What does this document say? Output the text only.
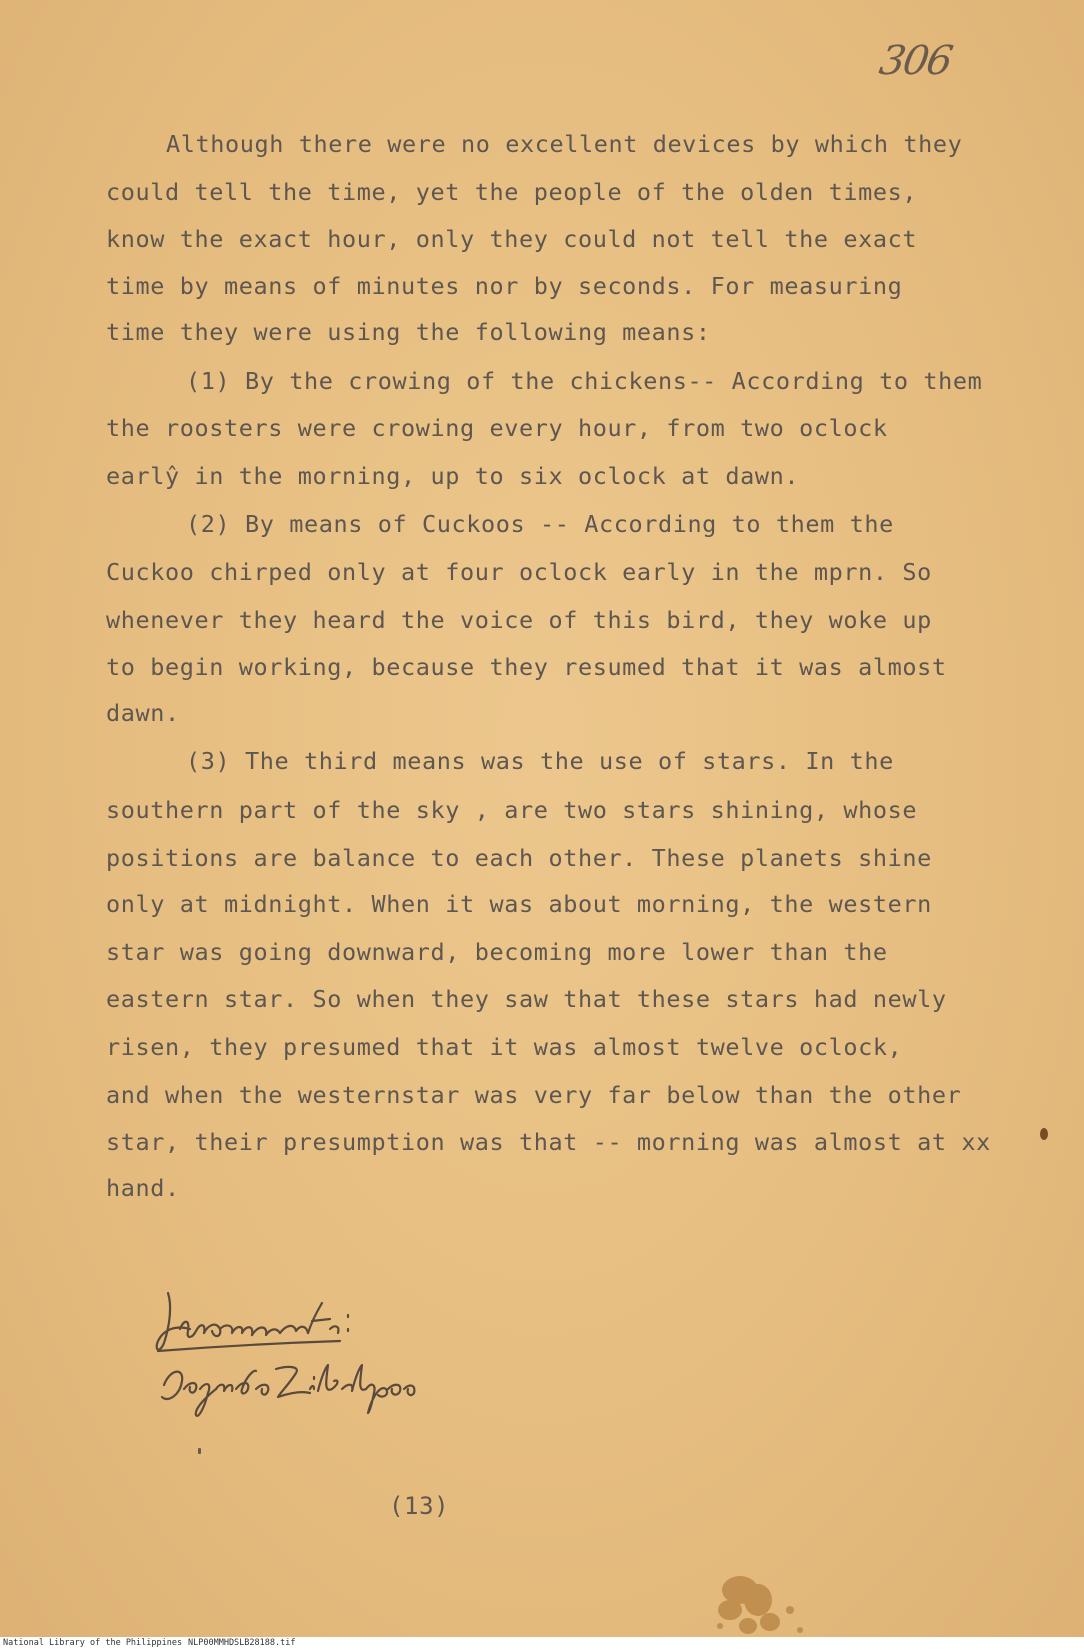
306

Although there were no excellent devices by which they

could tell the time, yet the people of the olden times,

know the exact hour, only they could not tell the exact

time by means of minutes nor by seconds. For measuring

time they were using the following means:

(1) By the crowing of the chickens-- According to them

the roosters were crowing every hour, from two oclock

earlŷ in the morning, up to six oclock at dawn.

(2) By means of Cuckoos -- According to them the

Cuckoo chirped only at four oclock early in the mprn. So

whenever they heard the voice of this bird, they woke up

to begin working, because they resumed that it was almost

dawn.

(3) The third means was the use of stars. In the

southern part of the sky , are two stars shining, whose

positions are balance to each other. These planets shine

only at midnight. When it was about morning, the western

star was going downward, becoming more lower than the

eastern star. So when they saw that these stars had newly

risen, they presumed that it was almost twelve oclock,

and when the westernstar was very far below than the other

star, their presumption was that -- morning was almost at xx

hand.

Informant:

(13)

National Library of the Philippines NLP00MMHDSLB28188.tif
